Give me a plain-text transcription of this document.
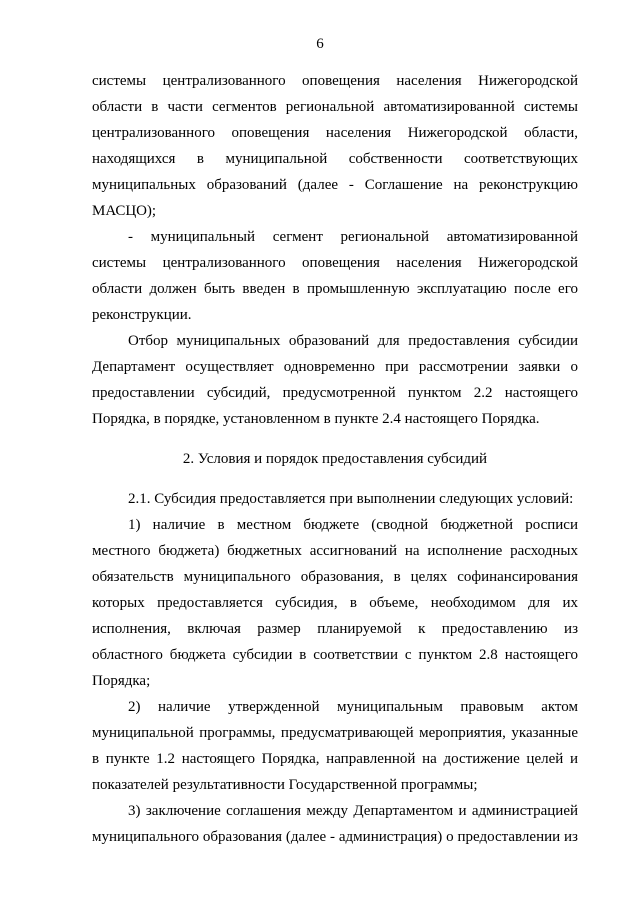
6
системы централизованного оповещения населения Нижегородской
области в части сегментов региональной автоматизированной системы
централизованного оповещения населения Нижегородской области,
находящихся в муниципальной собственности соответствующих
муниципальных образований (далее - Соглашение на реконструкцию
МАСЦО);
- муниципальный сегмент региональной автоматизированной
системы централизованного оповещения населения Нижегородской
области должен быть введен в промышленную эксплуатацию после его
реконструкции.
Отбор муниципальных образований для предоставления субсидии
Департамент осуществляет одновременно при рассмотрении заявки о
предоставлении субсидий, предусмотренной пунктом 2.2 настоящего
Порядка, в порядке, установленном в пункте 2.4 настоящего Порядка.
2. Условия и порядок предоставления субсидий
2.1. Субсидия предоставляется при выполнении следующих условий:
1) наличие в местном бюджете (сводной бюджетной росписи
местного бюджета) бюджетных ассигнований на исполнение расходных
обязательств муниципального образования, в целях софинансирования
которых предоставляется субсидия, в объеме, необходимом для их
исполнения, включая размер планируемой к предоставлению из
областного бюджета субсидии в соответствии с пунктом 2.8 настоящего
Порядка;
2) наличие утвержденной муниципальным правовым актом
муниципальной программы, предусматривающей мероприятия, указанные
в пункте 1.2 настоящего Порядка, направленной на достижение целей и
показателей результативности Государственной программы;
3) заключение соглашения между Департаментом и администрацией
муниципального образования (далее - администрация) о предоставлении из
